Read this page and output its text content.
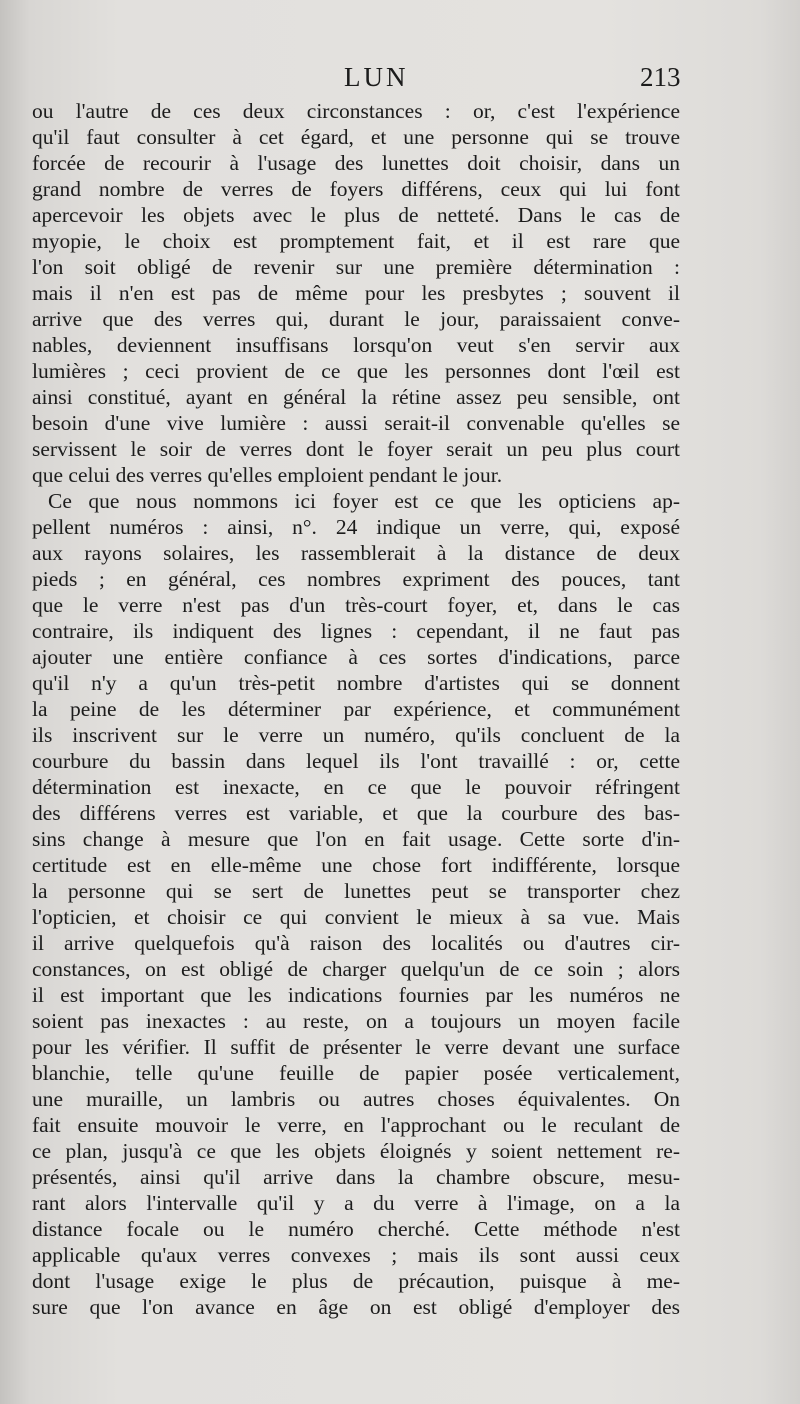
LUN	213
ou l'autre de ces deux circonstances : or, c'est l'expérience
qu'il faut consulter à cet égard, et une personne qui se trouve
forcée de recourir à l'usage des lunettes doit choisir, dans un
grand nombre de verres de foyers différens, ceux qui lui font
apercevoir les objets avec le plus de netteté. Dans le cas de
myopie, le choix est promptement fait, et il est rare que
l'on soit obligé de revenir sur une première détermination :
mais il n'en est pas de même pour les presbytes ; souvent il
arrive que des verres qui, durant le jour, paraissaient conve-
nables, deviennent insuffisans lorsqu'on veut s'en servir aux
lumières ; ceci provient de ce que les personnes dont l'œil est
ainsi constitué, ayant en général la rétine assez peu sensible, ont
besoin d'une vive lumière : aussi serait-il convenable qu'elles se
servissent le soir de verres dont le foyer serait un peu plus court
que celui des verres qu'elles emploient pendant le jour.
Ce que nous nommons ici foyer est ce que les opticiens ap-
pellent numéros : ainsi, n°. 24 indique un verre, qui, exposé
aux rayons solaires, les rassemblerait à la distance de deux
pieds ; en général, ces nombres expriment des pouces, tant
que le verre n'est pas d'un très-court foyer, et, dans le cas
contraire, ils indiquent des lignes : cependant, il ne faut pas
ajouter une entière confiance à ces sortes d'indications, parce
qu'il n'y a qu'un très-petit nombre d'artistes qui se donnent
la peine de les déterminer par expérience, et communément
ils inscrivent sur le verre un numéro, qu'ils concluent de la
courbure du bassin dans lequel ils l'ont travaillé : or, cette
détermination est inexacte, en ce que le pouvoir réfringent
des différens verres est variable, et que la courbure des bas-
sins change à mesure que l'on en fait usage. Cette sorte d'in-
certitude est en elle-même une chose fort indifférente, lorsque
la personne qui se sert de lunettes peut se transporter chez
l'opticien, et choisir ce qui convient le mieux à sa vue. Mais
il arrive quelquefois qu'à raison des localités ou d'autres cir-
constances, on est obligé de charger quelqu'un de ce soin ; alors
il est important que les indications fournies par les numéros ne
soient pas inexactes : au reste, on a toujours un moyen facile
pour les vérifier. Il suffit de présenter le verre devant une surface
blanchie, telle qu'une feuille de papier posée verticalement,
une muraille, un lambris ou autres choses équivalentes. On
fait ensuite mouvoir le verre, en l'approchant ou le reculant de
ce plan, jusqu'à ce que les objets éloignés y soient nettement re-
présentés, ainsi qu'il arrive dans la chambre obscure, mesu-
rant alors l'intervalle qu'il y a du verre à l'image, on a la
distance focale ou le numéro cherché. Cette méthode n'est
applicable qu'aux verres convexes ; mais ils sont aussi ceux
dont l'usage exige le plus de précaution, puisque à me-
sure que l'on avance en âge on est obligé d'employer des
